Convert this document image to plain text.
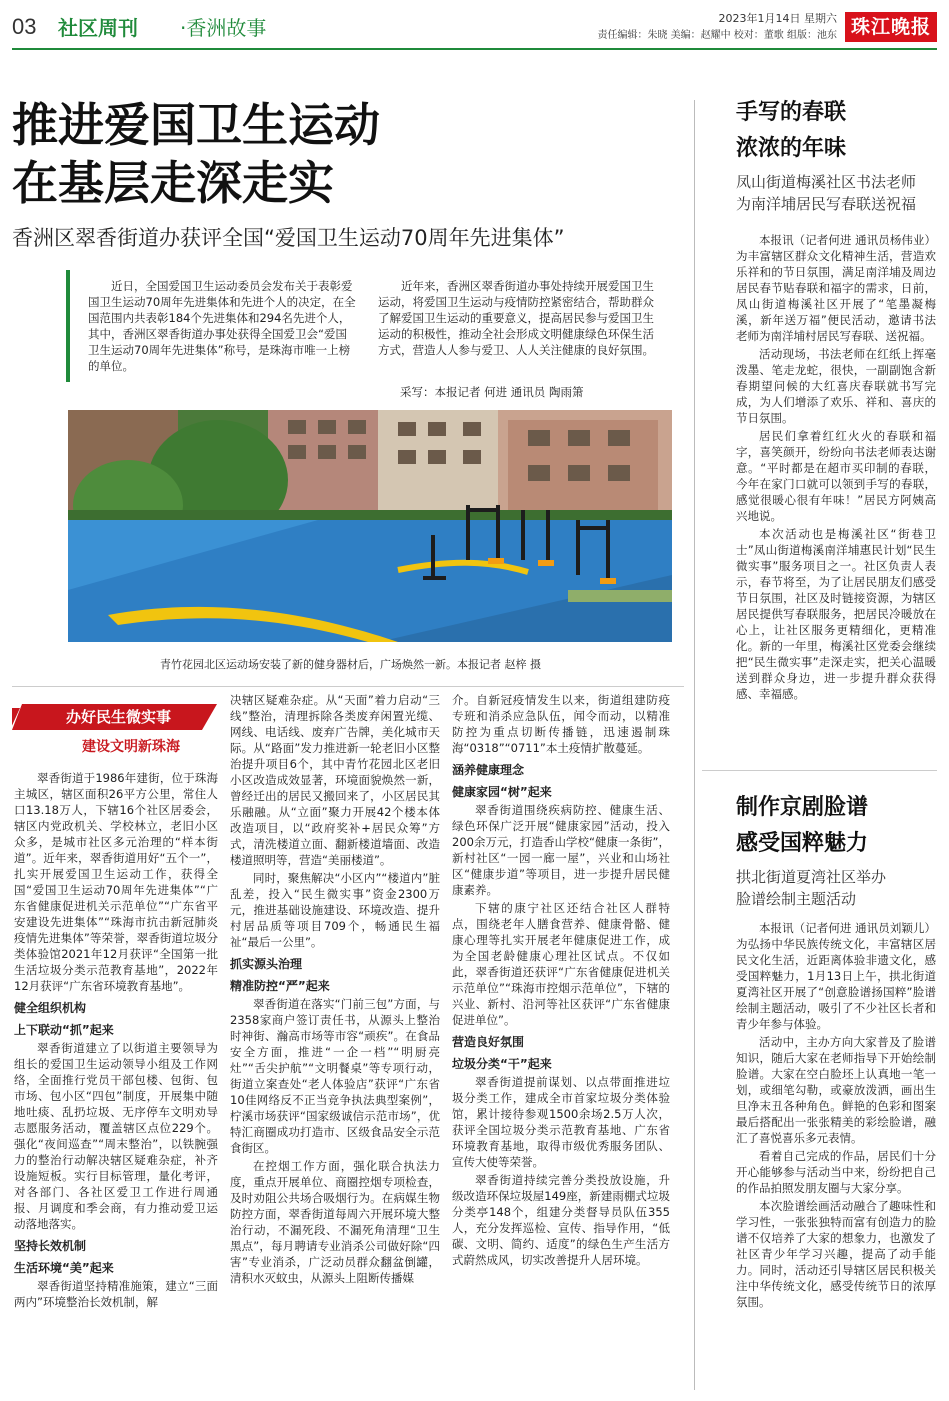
03 社区周刊 ·香洲故事	2023年1月14日 星期六
责任编辑：朱晓 美编：赵耀中 校对：董歌 组版：池东 珠江晚报
推进爱国卫生运动
在基层走深走实
香洲区翠香街道办获评全国“爱国卫生运动70周年先进集体”
近日，全国爱国卫生运动委员会发布关于表彰爱国卫生运动70周年先进集体和先进个人的决定，在全国范围内共表彰184个先进集体和294名先进个人，其中，香洲区翠香街道办事处获得全国爱卫会“爱国卫生运动70周年先进集体”称号，是珠海市唯一上榜的单位。
近年来，香洲区翠香街道办事处持续开展爱国卫生运动，将爱国卫生运动与疫情防控紧密结合，帮助群众了解爱国卫生运动的重要意义，提高居民参与爱国卫生运动的积极性，推动全社会形成文明健康绿色环保生活方式，营造人人参与爱卫、人人关注健康的良好氛围。
采写：本报记者 何进 通讯员 陶雨箫
青竹花园北区运动场安装了新的健身器材后，广场焕然一新。本报记者 赵梓 摄
办好民生微实事
建设文明新珠海

翠香街道于1986年建街，位于珠海主城区，辖区面积26平方公里，常住人口13.18万人，下辖16个社区居委会，辖区内党政机关、学校林立，老旧小区众多，是城市社区多元治理的“样本街道”。近年来，翠香街道用好“五个一”，扎实开展爱国卫生运动工作，获得全国“爱国卫生运动70周年先进集体”“广东省健康促进机关示范单位”“广东省平安建设先进集体”“珠海市抗击新冠肺炎疫情先进集体”等荣誉，翠香街道垃圾分类体验馆2021年12月获评“全国第一批生活垃圾分类示范教育基地”，2022年12月获评“广东省环境教育基地”。

健全组织机构
上下联动“抓”起来

翠香街道建立了以街道主要领导为组长的爱国卫生运动领导小组及工作网络，全面推行党员干部包楼、包街、包市场、包小区“四包”制度，开展集中随地吐痰、乱扔垃圾、无序停车文明劝导志愿服务活动，覆盖辖区点位229个。强化“夜间巡查”“周末整治”，以铁腕强力的整治行动解决辖区疑难杂症，补齐设施短板。实行目标管理，量化考评，对各部门、各社区爱卫工作进行周通报、月调度和季会商，有力推动爱卫运动落地落实。

坚持长效机制
生活环境“美”起来

翠香街道坚持精准施策，建立“三面两内”环境整治长效机制，解

决辖区疑难杂症。从“天面”着力启动“三线”整治，清理拆除各类废弃闲置光缆、网线、电话线、废弃广告牌，美化城市天际。从“路面”发力推进新一轮老旧小区整治提升项目6个，其中青竹花园北区老旧小区改造成效显著，环境面貌焕然一新，曾经迁出的居民又搬回来了，小区居民其乐融融。从“立面”聚力开展42个楼本体改造项目，以“政府奖补+居民众筹”方式，清洗楼道立面、翻新楼道墙面、改造楼道照明等，营造“美丽楼道”。

同时，聚焦解决“小区内”“楼道内”脏乱差，投入“民生微实事”资金2300万元，推进基础设施建设、环境改造、提升村居品质等项目709个，畅通民生福祉“最后一公里”。

抓实源头治理
精准防控“严”起来

翠香街道在落实“门前三包”方面，与2358家商户签订责任书，从源头上整治时神街、瀚高市场等市容“顽疾”。在食品安全方面，推进“一企一档”“明厨亮灶”“舌尖护航”“文明餐桌”等专项行动，街道立案查处“老人体验店”获评“广东省10佳网络反不正当竞争执法典型案例”，柠溪市场获评“国家级诚信示范市场”，优特汇商圈成功打造市、区级食品安全示范食街区。

在控烟工作方面，强化联合执法力度，重点开展单位、商圈控烟专项检查，及时劝阻公共场合吸烟行为。在病媒生物防控方面，翠香街道每周六开展环境大整治行动，不漏死段、不漏死角清理“卫生黑点”，每月聘请专业消杀公司做好除“四害”专业消杀，广泛动员群众翻盆倒罐，清积水灭蚊虫，从源头上阻断传播媒

介。自新冠疫情发生以来，街道组建防疫专班和消杀应急队伍，闻令而动，以精准防控为重点切断传播链，迅速遏制珠海“0318”“0711”本土疫情扩散蔓延。

涵养健康理念
健康家园“树”起来

翠香街道围绕疾病防控、健康生活、绿色环保广泛开展“健康家园”活动，投入200余万元，打造香山学校“健康一条街”，新村社区“一园一廊一屋”，兴业和山场社区“健康步道”等项目，进一步提升居民健康素养。

下辖的康宁社区还结合社区人群特点，围绕老年人膳食营养、健康骨骼、健康心理等扎实开展老年健康促进工作，成为全国老龄健康心理社区试点。不仅如此，翠香街道还获评“广东省健康促进机关示范单位”“珠海市控烟示范单位”，下辖的兴业、新村、沿河等社区获评“广东省健康促进单位”。

营造良好氛围
垃圾分类“干”起来

翠香街道提前谋划、以点带面推进垃圾分类工作，建成全市首家垃圾分类体验馆，累计接待参观1500余场2.5万人次，获评全国垃圾分类示范教育基地、广东省环境教育基地，取得市级优秀服务团队、宣传大使等荣誉。

翠香街道持续完善分类投放设施，升级改造环保垃圾屋149座，新建雨棚式垃圾分类亭148个，组建分类督导员队伍355人，充分发挥巡检、宣传、指导作用，“低碳、文明、简约、适度”的绿色生产生活方式蔚然成风，切实改善提升人居环境。

手写的春联
浓浓的年味
凤山街道梅溪社区书法老师
为南洋埔居民写春联送祝福

本报讯（记者何进 通讯员杨伟业）为丰富辖区群众文化精神生活，营造欢乐祥和的节日氛围，满足南洋埔及周边居民春节贴春联和福字的需求，日前，凤山街道梅溪社区开展了“笔墨凝梅溪，新年送万福”便民活动，邀请书法老师为南洋埔村居民写春联、送祝福。

活动现场，书法老师在红纸上挥毫泼墨、笔走龙蛇，很快，一副副饱含新春期望问候的大红喜庆春联就书写完成，为人们增添了欢乐、祥和、喜庆的节日氛围。

居民们拿着红红火火的春联和福字，喜笑颜开，纷纷向书法老师表达谢意。“平时都是在超市买印制的春联，今年在家门口就可以领到手写的春联，感觉很暖心很有年味！”居民方阿姨高兴地说。

本次活动也是梅溪社区“街巷卫士”凤山街道梅溪南洋埔惠民计划“民生微实事”服务项目之一。社区负责人表示，春节将至，为了让居民朋友们感受节日氛围，社区及时链接资源，为辖区居民提供写春联服务，把居民冷暖放在心上，让社区服务更精细化，更精准化。新的一年里，梅溪社区党委会继续把“民生微实事”走深走实，把关心温暖送到群众身边，进一步提升群众获得感、幸福感。

制作京剧脸谱
感受国粹魅力
拱北街道夏湾社区举办
脸谱绘制主题活动

本报讯（记者何进 通讯员刘颖儿）为弘扬中华民族传统文化，丰富辖区居民文化生活，近距离体验非遗文化，感受国粹魅力，1月13日上午，拱北街道夏湾社区开展了“创意脸谱扬国粹”脸谱绘制主题活动，吸引了不少社区长者和青少年参与体验。

活动中，主办方向大家普及了脸谱知识，随后大家在老师指导下开始绘制脸谱。大家在空白脸坯上认真地一笔一划，或细笔勾勒，或豪放泼洒，画出生旦净末丑各种角色。鲜艳的色彩和图案最后搭配出一张张精美的彩绘脸谱，融汇了喜悦喜乐多元表情。

看着自己完成的作品，居民们十分开心能够参与活动当中来，纷纷把自己的作品拍照发朋友圈与大家分享。

本次脸谱绘画活动融合了趣味性和学习性，一张张独特而富有创造力的脸谱不仅培养了大家的想象力，也激发了社区青少年学习兴趣，提高了动手能力。同时，活动还引导辖区居民积极关注中华传统文化，感受传统节日的浓厚氛围。
